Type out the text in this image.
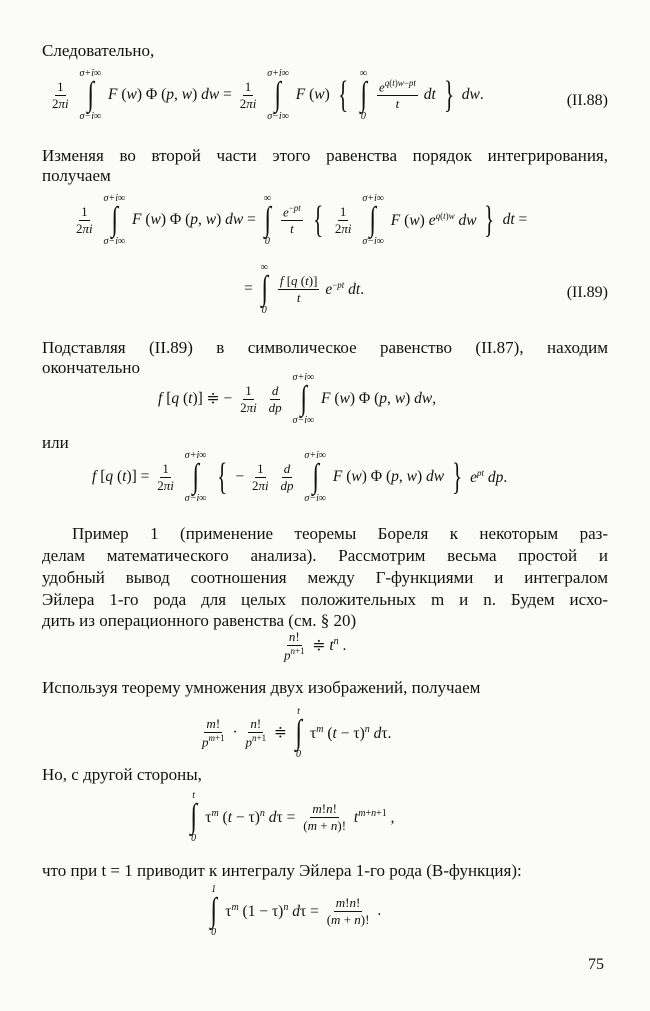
Следовательно,

$\frac{1}{2\pi i}$

σ+i∞
∫
σ−i∞
F (w) Φ (p, w) dw = $\frac{1}{2\pi i}$

σ+i∞
∫
σ−i∞
F (w) {
∞
∫
0

$\frac{e^{q(t)w-pt}}{t}$ dt } dw.	(II.88)

Изменяя во второй части этого равенства порядок интегрирования,

получаем

$\frac{1}{2\pi i}$

σ+i∞
∫
σ−i∞
F (w) Φ (p, w) dw =
∞
∫
0

$\frac{e^{-pt}}{t}$ { $\frac{1}{2\pi i}$

σ+i∞
∫
σ−i∞
F (w) $e^{q(t)w}$ dw } dt =
=
∞
∫
0

$\frac{f [q (t)]}{t} e^{-pt}$ dt.	(II.89)

Подставляя (II.89) в символическое равенство (II.87), находим

окончательно

f [q (t)] ≑ − $\frac{1}{2\pi i}$
$\frac{d}{dp}$

σ+i∞
∫
σ−i∞
F (w) Φ (p, w) dw,

или

f [q $(t)] = \frac{1}{2\pi i}$

σ+i∞
∫
σ−i∞
{ − $\frac{1}{2\pi i}$
$\frac{d}{dp}$

σ+i∞
∫
σ−i∞
F (w) Φ (p, w) dw } $e^{pt}$ dp.

Пример 1 (применение теоремы Бореля к некоторым раз-

делам математического анализа). Рассмотрим весьма простой и

удобный вывод соотношения между Γ-функциями и интегралом

Эйлера 1-го рода для целых положительных m и n. Будем исхо-

дить из операционного равенства (см. § 20)

$\frac{n!}{p^{n+1}}$ ≑ $t^n$ .

Используя теорему умножения двух изображений, получаем

$\frac{m!}{p^{m+1}} \cdot \frac{n!}{p^{n+1}}$ ≑
t
∫
0
$\tau^m$ $(t - \tau)^n$ dτ.

Но, с другой стороны,

t
∫
0
$\tau^m$ $(t - \tau)^n$ $d\tau = \frac{m!n!}{(m + n)!} t^{m+n+1}$ ,

что при t = 1 приводит к интегралу Эйлера 1-го рода (B-функция):

1
∫
0
$\tau^m$ $(1 - \tau)^n$ $d\tau = \frac{m!n!}{(m + n)!}$ .
75
